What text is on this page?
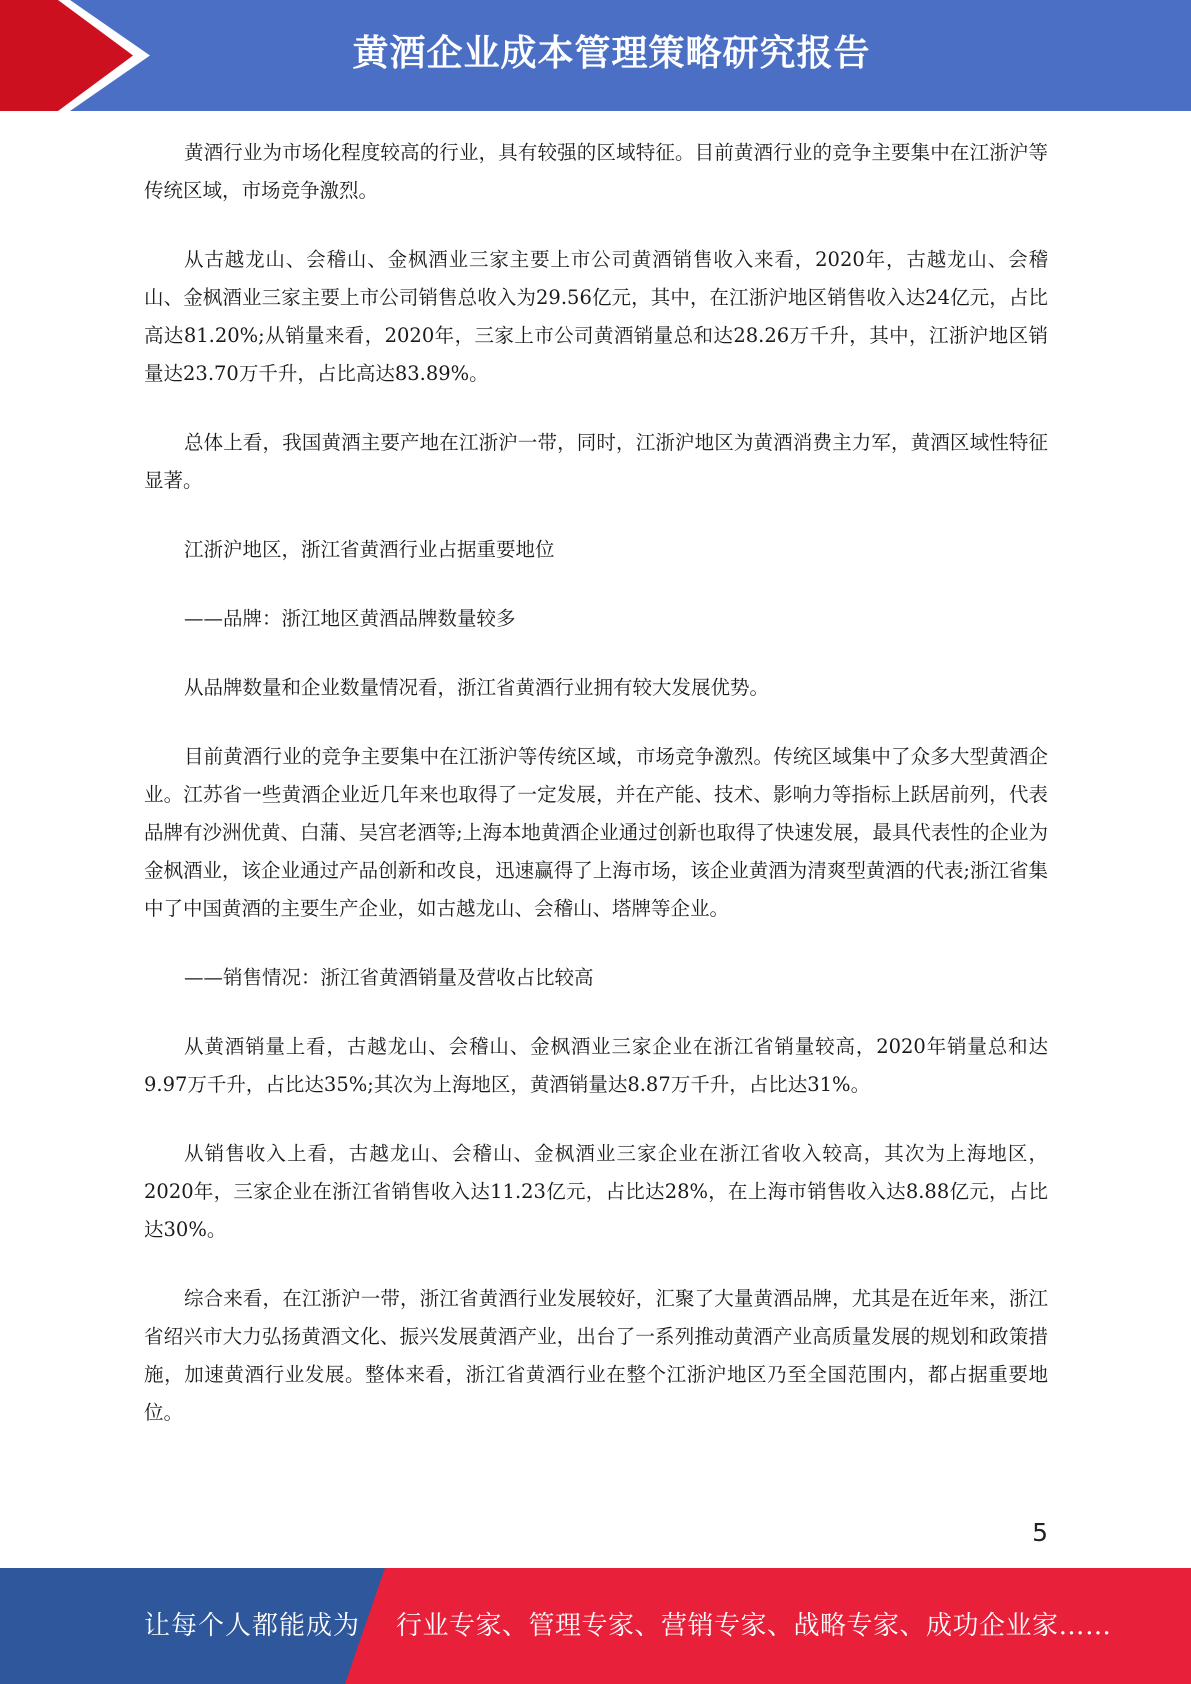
黄酒企业成本管理策略研究报告

黄酒行业为市场化程度较高的行业，具有较强的区域特征。目前黄酒行业的竞争主要集中在江浙沪等传统区域，市场竞争激烈。

从古越龙山、会稽山、金枫酒业三家主要上市公司黄酒销售收入来看，2020年，古越龙山、会稽山、金枫酒业三家主要上市公司销售总收入为29.56亿元，其中，在江浙沪地区销售收入达24亿元，占比高达81.20%;从销量来看，2020年，三家上市公司黄酒销量总和达28.26万千升，其中，江浙沪地区销量达23.70万千升，占比高达83.89%。

总体上看，我国黄酒主要产地在江浙沪一带，同时，江浙沪地区为黄酒消费主力军，黄酒区域性特征显著。

江浙沪地区，浙江省黄酒行业占据重要地位

——品牌：浙江地区黄酒品牌数量较多

从品牌数量和企业数量情况看，浙江省黄酒行业拥有较大发展优势。

目前黄酒行业的竞争主要集中在江浙沪等传统区域，市场竞争激烈。传统区域集中了众多大型黄酒企业。江苏省一些黄酒企业近几年来也取得了一定发展，并在产能、技术、影响力等指标上跃居前列，代表品牌有沙洲优黄、白蒲、吴宫老酒等;上海本地黄酒企业通过创新也取得了快速发展，最具代表性的企业为金枫酒业，该企业通过产品创新和改良，迅速赢得了上海市场，该企业黄酒为清爽型黄酒的代表;浙江省集中了中国黄酒的主要生产企业，如古越龙山、会稽山、塔牌等企业。

——销售情况：浙江省黄酒销量及营收占比较高

从黄酒销量上看，古越龙山、会稽山、金枫酒业三家企业在浙江省销量较高，2020年销量总和达9.97万千升，占比达35%;其次为上海地区，黄酒销量达8.87万千升，占比达31%。

从销售收入上看，古越龙山、会稽山、金枫酒业三家企业在浙江省收入较高，其次为上海地区，2020年，三家企业在浙江省销售收入达11.23亿元，占比达28%，在上海市销售收入达8.88亿元，占比达30%。

综合来看，在江浙沪一带，浙江省黄酒行业发展较好，汇聚了大量黄酒品牌，尤其是在近年来，浙江省绍兴市大力弘扬黄酒文化、振兴发展黄酒产业，出台了一系列推动黄酒产业高质量发展的规划和政策措施，加速黄酒行业发展。整体来看，浙江省黄酒行业在整个江浙沪地区乃至全国范围内，都占据重要地位。

5
让每个人都能成为 行业专家、管理专家、营销专家、战略专家、成功企业家……
